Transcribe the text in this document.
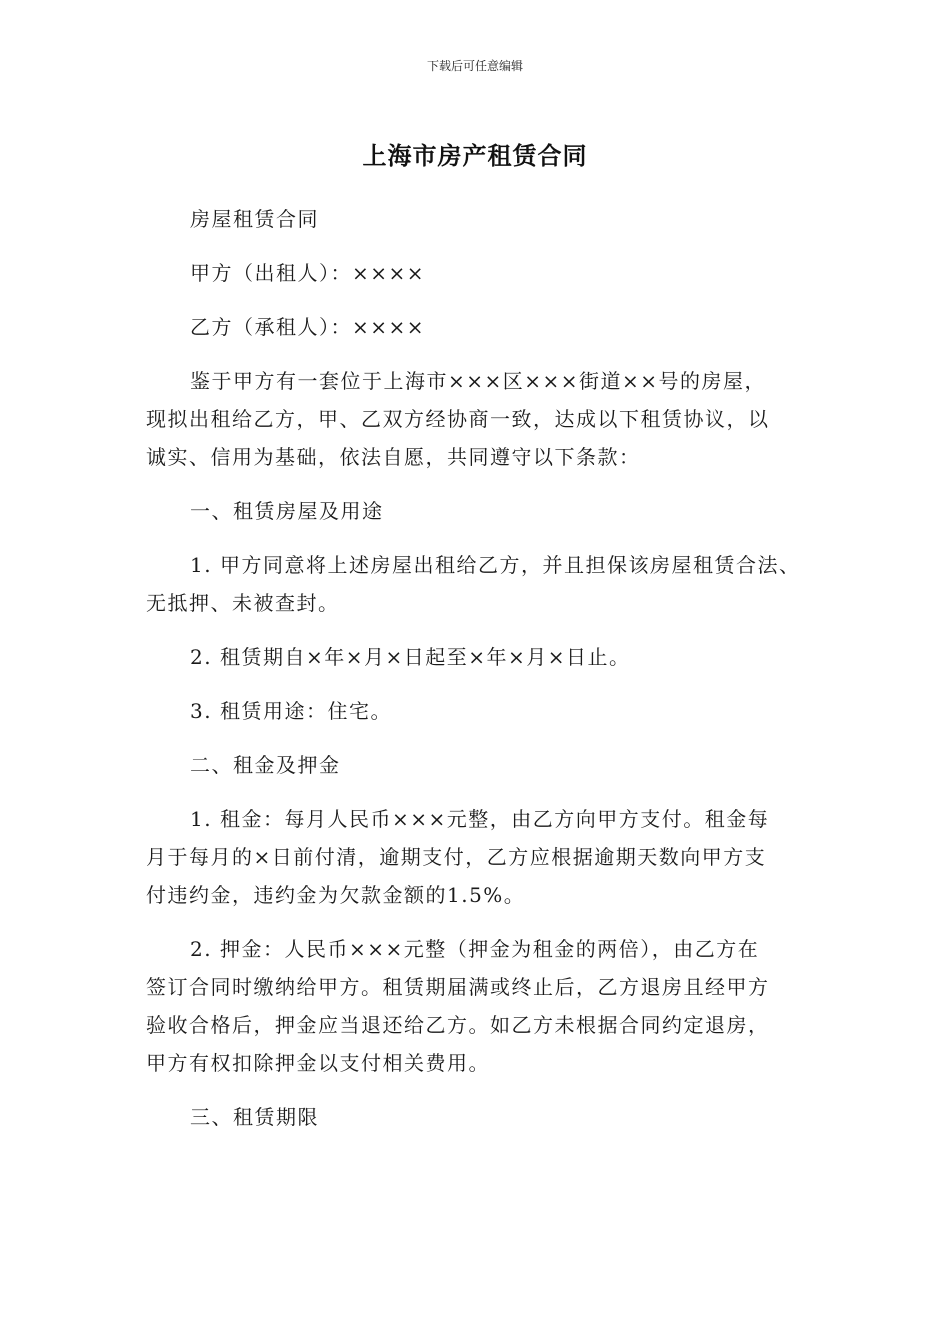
下载后可任意编辑
上海市房产租赁合同

房屋租赁合同

甲方（出租人）：××××

乙方（承租人）：××××

鉴于甲方有一套位于上海市×××区×××街道××号的房屋，
现拟出租给乙方，甲、乙双方经协商一致，达成以下租赁协议，以
诚实、信用为基础，依法自愿，共同遵守以下条款：

一、租赁房屋及用途

1. 甲方同意将上述房屋出租给乙方，并且担保该房屋租赁合法、
无抵押、未被查封。

2. 租赁期自×年×月×日起至×年×月×日止。

3. 租赁用途：住宅。

二、租金及押金

1. 租金：每月人民币×××元整，由乙方向甲方支付。租金每
月于每月的×日前付清，逾期支付，乙方应根据逾期天数向甲方支
付违约金，违约金为欠款金额的1.5%。

2. 押金：人民币×××元整（押金为租金的两倍），由乙方在
签订合同时缴纳给甲方。租赁期届满或终止后，乙方退房且经甲方
验收合格后，押金应当退还给乙方。如乙方未根据合同约定退房，
甲方有权扣除押金以支付相关费用。

三、租赁期限
